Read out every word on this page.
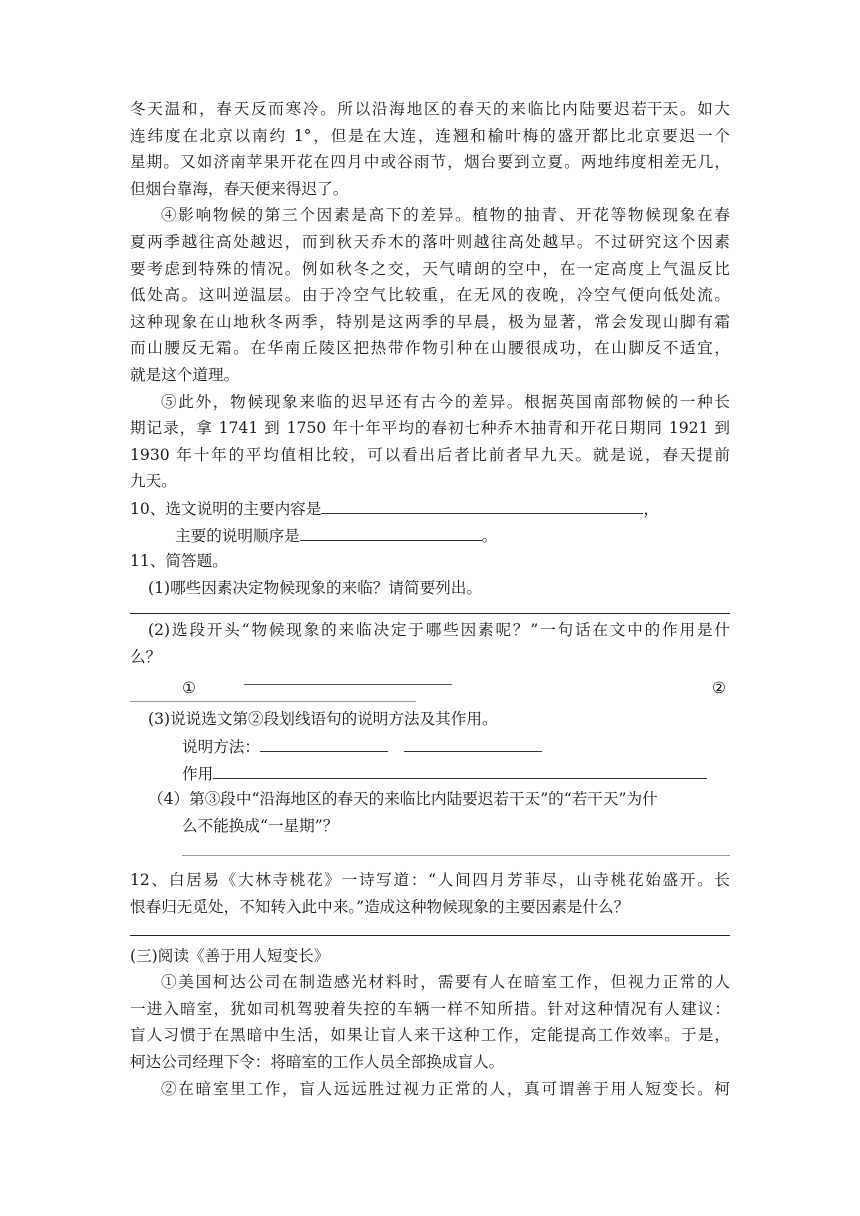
冬天温和，春天反而寒冷。所以沿海地区的春天的来临比内陆要迟若 ·干 ·天 ·。如大
连纬度在北京以南约 1°，但是在大连，连翘和榆叶梅的盛开都比北京要迟一个
星期。又如济南苹果开花在四月中或谷雨节，烟台要到立夏。两地纬度相差无几，
但烟台靠海，春天便来得迟了。
④影响物候的第三个因素是高下的差异。植物的抽青、开花等物候现象在春
夏两季越往高处越迟，而到秋天乔木的落叶则越往高处越早。不过研究这个因素
要考虑到特殊的情况。例如秋冬之交，天气晴朗的空中，在一定高度上气温反比
低处高。这叫逆温层。由于冷空气比较重，在无风的夜晚，冷空气便向低处流。
这种现象在山地秋冬两季，特别是这两季的早晨，极为显著，常会发现山脚有霜
而山腰反无霜。在华南丘陵区把热带作物引种在山腰很成功，在山脚反不适宜，
就是这个道理。
⑤此外，物候现象来临的迟早还有古今的差异。根据英国南部物候的一种长
期记录，拿 1741 到 1750 年十年平均的春初七种乔木抽青和开花日期同 1921 到
1930 年十年的平均值相比较，可以看出后者比前者早九天。就是说，春天提前
九天。
10、选文说明的主要内容是	，
主要的说明顺序是	。
11、简答题。
(1)哪些因素决定物候现象的来临？请简要列出。
(2)选段开头“物候现象的来临决定于哪些因素呢？”一句话在文中的作用是什
么？
①	②
(3)说说选文第②段划线语句的说明方法及其作用。
说明方法：
作用
（4）第③段中“沿海地区的春天的来临比内陆要迟若 ·干 ·天 ·”的“若干天”为什
么不能换成“一星期”？
12、白居易《大林寺桃花》一诗写道：“人间四月芳菲尽，山寺桃花始盛开。长
恨春归无觅处，不知转入此中来。”造成这种物候现象的主要因素是什么？
(三)阅读《善于用人短变长》
①美国柯达公司在制造感光材料时，需要有人在暗室工作，但视力正常的人
一进入暗室，犹如司机驾驶着失控的车辆一样不知所措。针对这种情况有人建议：
盲人习惯于在黑暗中生活，如果让盲人来干这种工作，定能提高工作效率。于是，
柯达公司经理下令：将暗室的工作人员全部换成盲人。
②在暗室里工作，盲人远远胜过视力正常的人，真可谓善于用人短变长。柯
